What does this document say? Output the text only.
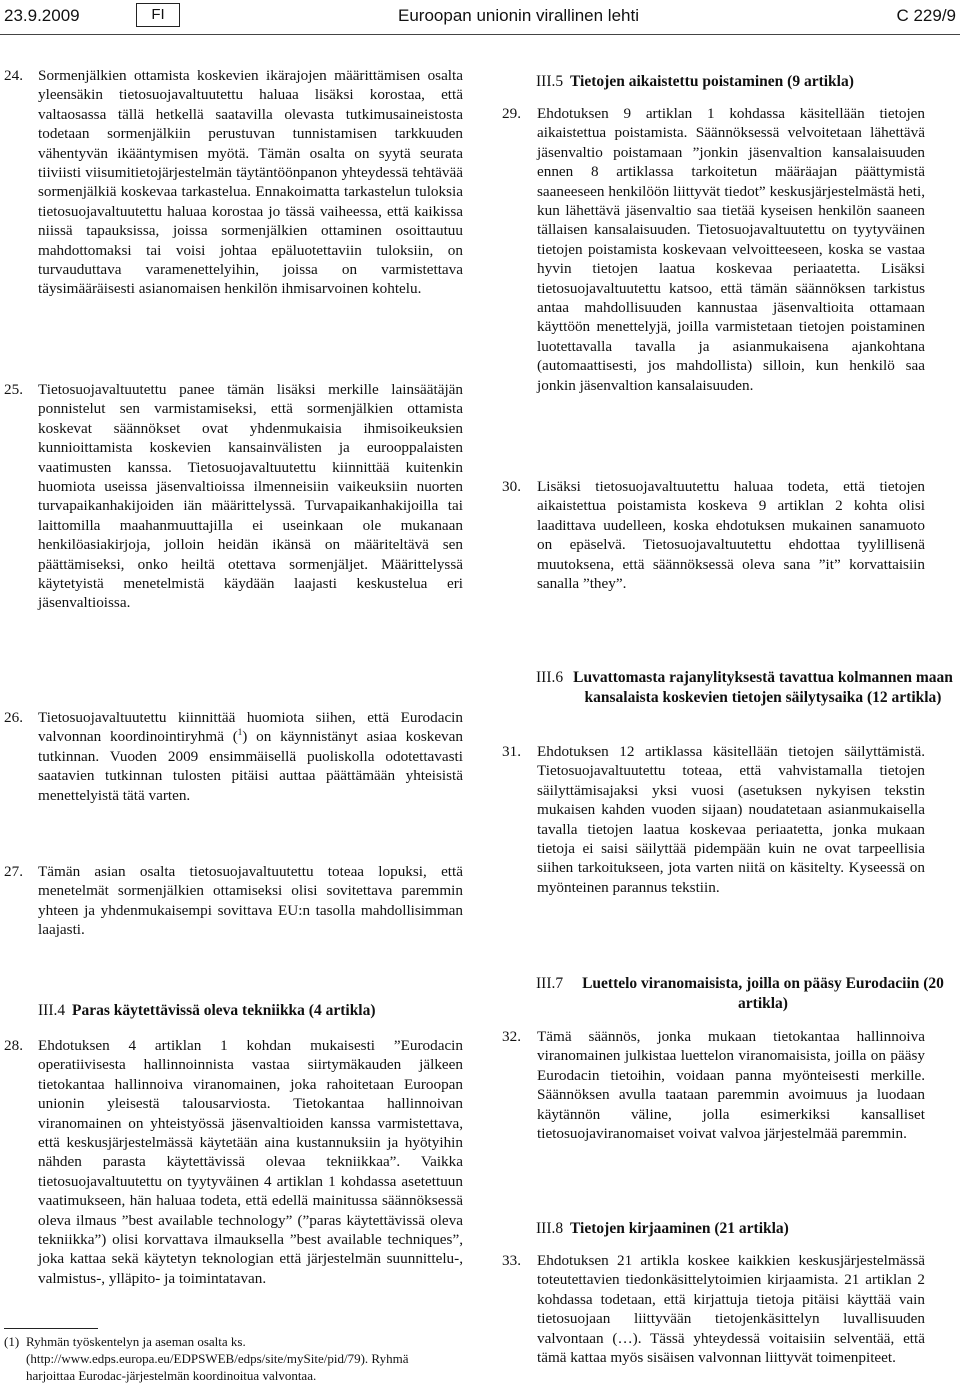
23.9.2009	FI	Euroopan unionin virallinen lehti	C 229/9
24. Sormenjälkien ottamista koskevien ikärajojen määrittämisen osalta yleensäkin tietosuojavaltuutettu haluaa lisäksi korostaa, että valtaosassa tällä hetkellä saatavilla olevasta tutkimusaineistosta todetaan sormenjälkiin perustuvan tunnistamisen tarkkuuden vähentyvän ikääntymisen myötä. Tämän osalta on syytä seurata tiiviisti viisumitietojärjestelmän täytäntöönpanon yhteydessä tehtävää sormenjälkiä koskevaa tarkastelua. Ennakoimatta tarkastelun tuloksia tietosuojavaltuutettu haluaa korostaa jo tässä vaiheessa, että kaikissa niissä tapauksissa, joissa sormenjälkien ottaminen osoittautuu mahdottomaksi tai voisi johtaa epäluotettaviin tuloksiin, on turvauduttava varamenettelyihin, joissa on varmistettava täysimääräisesti asianomaisen henkilön ihmisarvoinen kohtelu.
25. Tietosuojavaltuutettu panee tämän lisäksi merkille lainsäätäjän ponnistelut sen varmistamiseksi, että sormenjälkien ottamista koskevat säännökset ovat yhdenmukaisia ihmisoikeuksien kunnioittamista koskevien kansainvälisten ja eurooppalaisten vaatimusten kanssa. Tietosuojavaltuutettu kiinnittää kuitenkin huomiota useissa jäsenvaltioissa ilmenneisiin vaikeuksiin nuorten turvapaikanhakijoiden iän määrittelyssä. Turvapaikanhakijoilla tai laittomilla maahanmuuttajilla ei useinkaan ole mukanaan henkilöasiakirjoja, jolloin heidän ikänsä on määriteltävä sen päättämiseksi, onko heiltä otettava sormenjäljet. Määrittelyssä käytetyistä menetelmistä käydään laajasti keskustelua eri jäsenvaltioissa.
26. Tietosuojavaltuutettu kiinnittää huomiota siihen, että Eurodacin valvonnan koordinointiryhmä ($^1$) on käynnistänyt asiaa koskevan tutkinnan. Vuoden 2009 ensimmäisellä puoliskolla odotettavasti saatavien tutkinnan tulosten pitäisi auttaa päättämään yhteisistä menettelyistä tätä varten.
27. Tämän asian osalta tietosuojavaltuutettu toteaa lopuksi, että menetelmät sormenjälkien ottamiseksi olisi sovitettava paremmin yhteen ja yhdenmukaisempi sovittava EU:n tasolla mahdollisimman laajasti.
III.4 Paras käytettävissä oleva tekniikka (4 artikla)
28. Ehdotuksen 4 artiklan 1 kohdan mukaisesti ”Eurodacin operatiivisesta hallinnoinnista vastaa siirtymäkauden jälkeen tietokantaa hallinnoiva viranomainen, joka rahoitetaan Euroopan unionin yleisestä talousarviosta. Tietokantaa hallinnoivan viranomainen on yhteistyössä jäsenvaltioiden kanssa varmistettava, että keskusjärjestelmässä käytetään aina kustannuksiin ja hyötyihin nähden parasta käytettävissä olevaa tekniikkaa”. Vaikka tietosuojavaltuutettu on tyytyväinen 4 artiklan 1 kohdassa asetettuun vaatimukseen, hän haluaa todeta, että edellä mainitussa säännöksessä oleva ilmaus ”best available technology” (”paras käytettävissä oleva tekniikka”) olisi korvattava ilmauksella ”best available techniques”, joka kattaa sekä käytetyn teknologian että järjestelmän suunnittelu-, valmistus-, ylläpito- ja toimintatavan.
(1) Ryhmän työskentelyn ja aseman osalta ks. (http://www.edps.europa.eu/EDPSWEB/edps/site/mySite/pid/79). Ryhmä harjoittaa Eurodac-järjestelmän koordinoitua valvontaa.
III.5 Tietojen aikaistettu poistaminen (9 artikla)
29. Ehdotuksen 9 artiklan 1 kohdassa käsitellään tietojen aikaistettua poistamista. Säännöksessä velvoitetaan lähettävä jäsenvaltio poistamaan ”jonkin jäsenvaltion kansalaisuuden ennen 8 artiklassa tarkoitetun määräajan päättymistä saaneeseen henkilöön liittyvät tiedot” keskusjärjestelmästä heti, kun lähettävä jäsenvaltio saa tietää kyseisen henkilön saaneen tällaisen kansalaisuuden. Tietosuojavaltuutettu on tyytyväinen tietojen poistamista koskevaan velvoitteeseen, koska se vastaa hyvin tietojen laatua koskevaa periaatetta. Lisäksi tietosuojavaltuutettu katsoo, että tämän säännöksen tarkistus antaa mahdollisuuden kannustaa jäsenvaltioita ottamaan käyttöön menettelyjä, joilla varmistetaan tietojen poistaminen luotettavalla tavalla ja asianmukaisena ajankohtana (automaattisesti, jos mahdollista) silloin, kun henkilö saa jonkin jäsenvaltion kansalaisuuden.
30. Lisäksi tietosuojavaltuutettu haluaa todeta, että tietojen aikaistettua poistamista koskeva 9 artiklan 2 kohta olisi laadittava uudelleen, koska ehdotuksen mukainen sanamuoto on epäselvä. Tietosuojavaltuutettu ehdottaa tyylillisenä muutoksena, että säännöksessä oleva sana ”it” korvattaisiin sanalla ”they”.
III.6 Luvattomasta rajanylityksestä tavattua kolmannen maan kansalaista koskevien tietojen säilytysaika (12 artikla)
31. Ehdotuksen 12 artiklassa käsitellään tietojen säilyttämistä. Tietosuojavaltuutettu toteaa, että vahvistamalla tietojen säilyttämisajaksi yksi vuosi (asetuksen nykyisen tekstin mukaisen kahden vuoden sijaan) noudatetaan asianmukaisella tavalla tietojen laatua koskevaa periaatetta, jonka mukaan tietoja ei saisi säilyttää pidempään kuin ne ovat tarpeellisia siihen tarkoitukseen, jota varten niitä on käsitelty. Kyseessä on myönteinen parannus tekstiin.
III.7	Luettelo viranomaisista, joilla on pääsy Eurodaciin (20 artikla)
32. Tämä säännös, jonka mukaan tietokantaa hallinnoiva viranomainen julkistaa luettelon viranomaisista, joilla on pääsy Eurodacin tietoihin, voidaan panna myönteisesti merkille. Säännöksen avulla taataan paremmin avoimuus ja luodaan käytännön väline, jolla esimerkiksi kansalliset tietosuojaviranomaiset voivat valvoa järjestelmää paremmin.
III.8 Tietojen kirjaaminen (21 artikla)
33. Ehdotuksen 21 artikla koskee kaikkien keskusjärjestelmässä toteutettavien tiedonkäsittelytoimien kirjaamista. 21 artiklan 2 kohdassa todetaan, että kirjattuja tietoja pitäisi käyttää vain tietosuojaan liittyvään tietojenkäsittelyn luvallisuuden valvontaan (…). Tässä yhteydessä voitaisiin selventää, että tämä kattaa myös sisäisen valvonnan liittyvät toimenpiteet.
